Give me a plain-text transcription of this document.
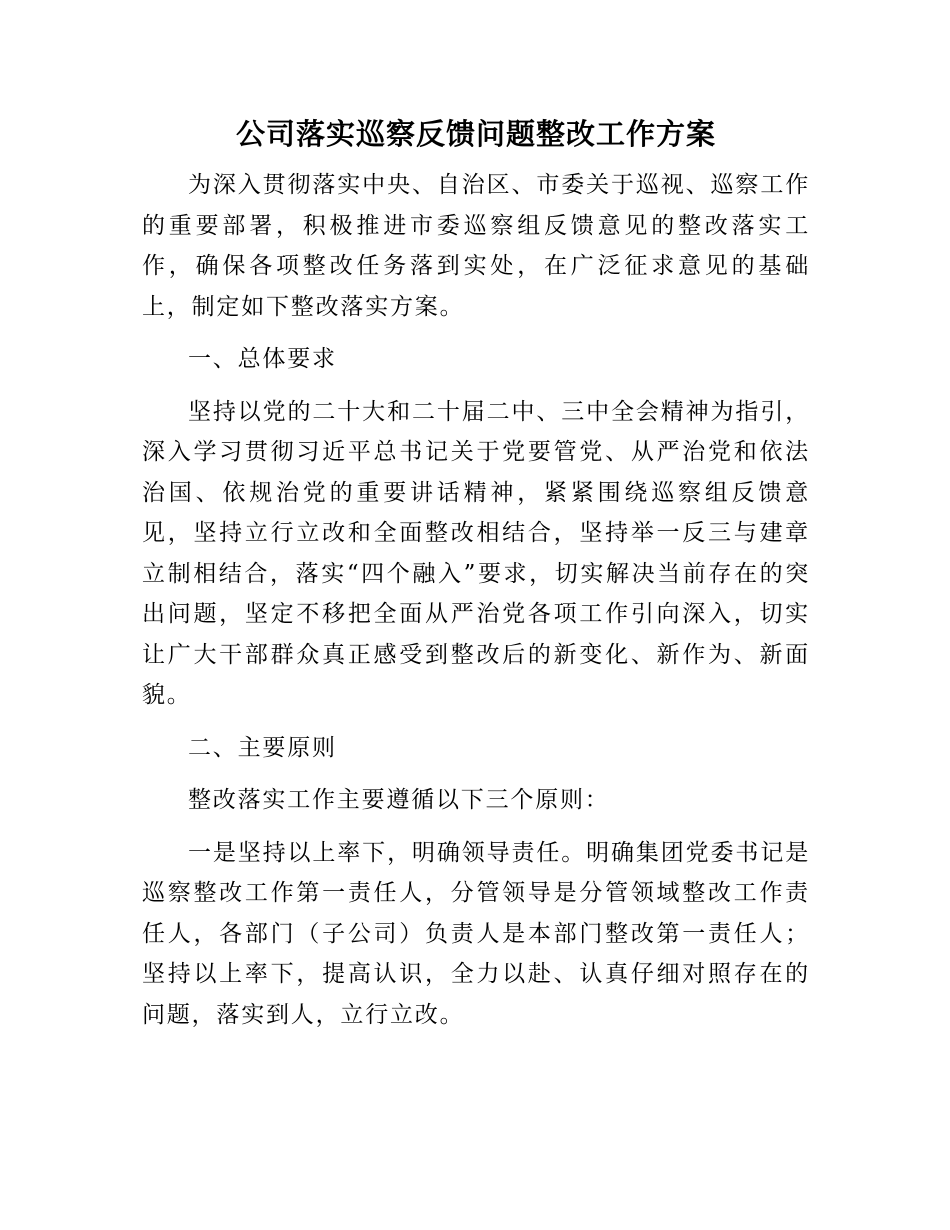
公司落实巡察反馈问题整改工作方案

为深入贯彻落实中央、自治区、市委关于巡视、巡察工作的重要部署，积极推进市委巡察组反馈意见的整改落实工作，确保各项整改任务落到实处，在广泛征求意见的基础上，制定如下整改落实方案。

一、总体要求

坚持以党的二十大和二十届二中、三中全会精神为指引，深入学习贯彻习近平总书记关于党要管党、从严治党和依法治国、依规治党的重要讲话精神，紧紧围绕巡察组反馈意见，坚持立行立改和全面整改相结合，坚持举一反三与建章立制相结合，落实“四个融入”要求，切实解决当前存在的突出问题，坚定不移把全面从严治党各项工作引向深入，切实让广大干部群众真正感受到整改后的新变化、新作为、新面貌。

二、主要原则

整改落实工作主要遵循以下三个原则：

一是坚持以上率下，明确领导责任。明确集团党委书记是巡察整改工作第一责任人，分管领导是分管领域整改工作责任人，各部门（子公司）负责人是本部门整改第一责任人；坚持以上率下，提高认识，全力以赴、认真仔细对照存在的问题，落实到人，立行立改。
